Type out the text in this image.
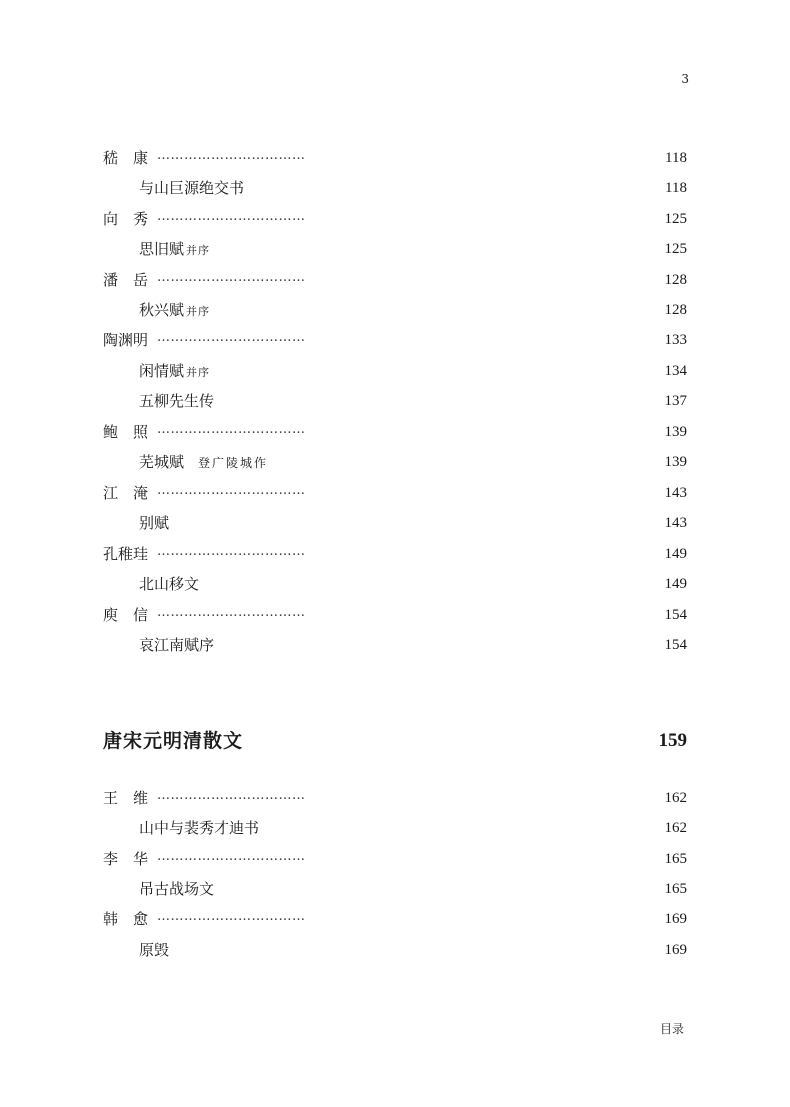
3
嵇　康 ……………………………	118
与山巨源绝交书	118
向　秀 ……………………………	125
思旧赋 并序	125
潘　岳 ……………………………	128
秋兴赋 并序	128
陶渊明 ……………………………	133
闲情赋 并序	134
五柳先生传	137
鲍　照 ……………………………	139
芜城赋 登广陵城作	139
江　淹 ……………………………	143
别赋	143
孔稚珪 ……………………………	149
北山移文	149
庾　信 ……………………………	154
哀江南赋序	154
唐宋元明清散文	159
王　维 ……………………………	162
山中与裴秀才迪书	162
李　华 ……………………………	165
吊古战场文	165
韩　愈 ……………………………	169
原毁	169
目录
